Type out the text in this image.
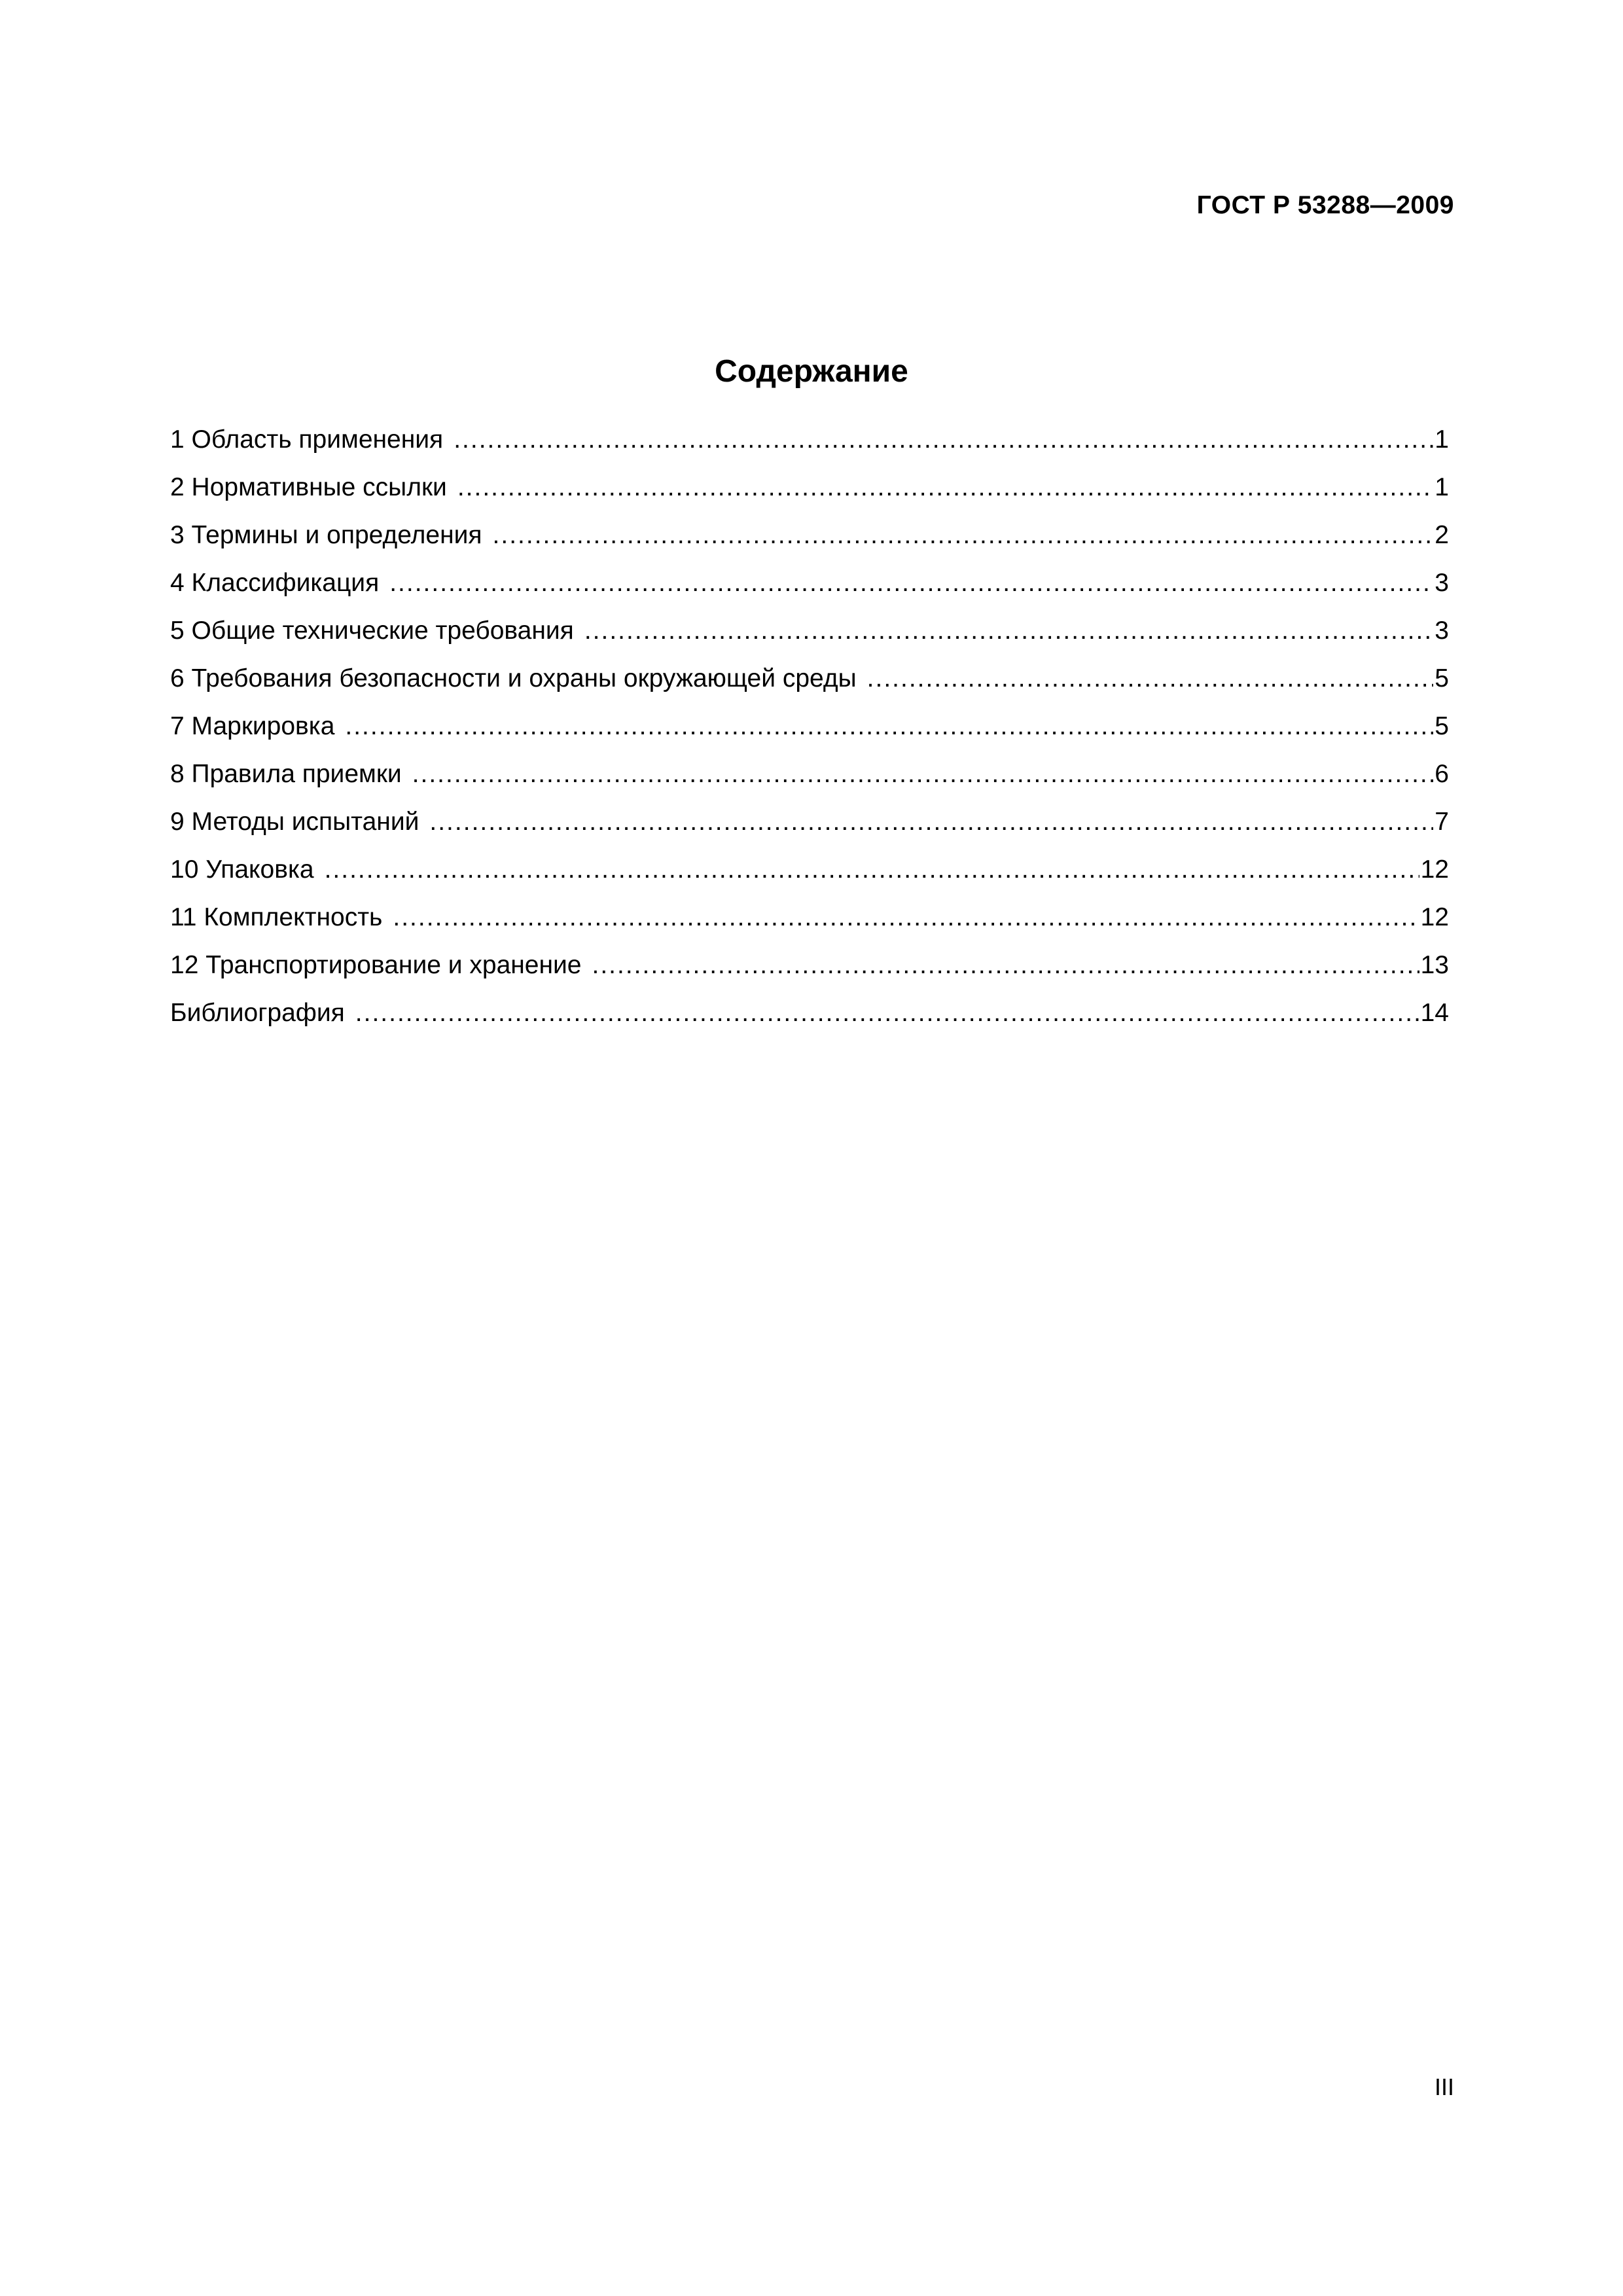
ГОСТ Р 53288—2009
Содержание
1 Область применения .....	1
2 Нормативные ссылки .....	1
3 Термины и определения .....	2
4 Классификация .....	3
5 Общие технические требования .....	3
6 Требования безопасности и охраны окружающей среды .....	5
7 Маркировка .....	5
8 Правила приемки .....	6
9 Методы испытаний .....	7
10 Упаковка .....	12
11 Комплектность .....	12
12 Транспортирование и хранение .....	13
Библиография .....	14
III
